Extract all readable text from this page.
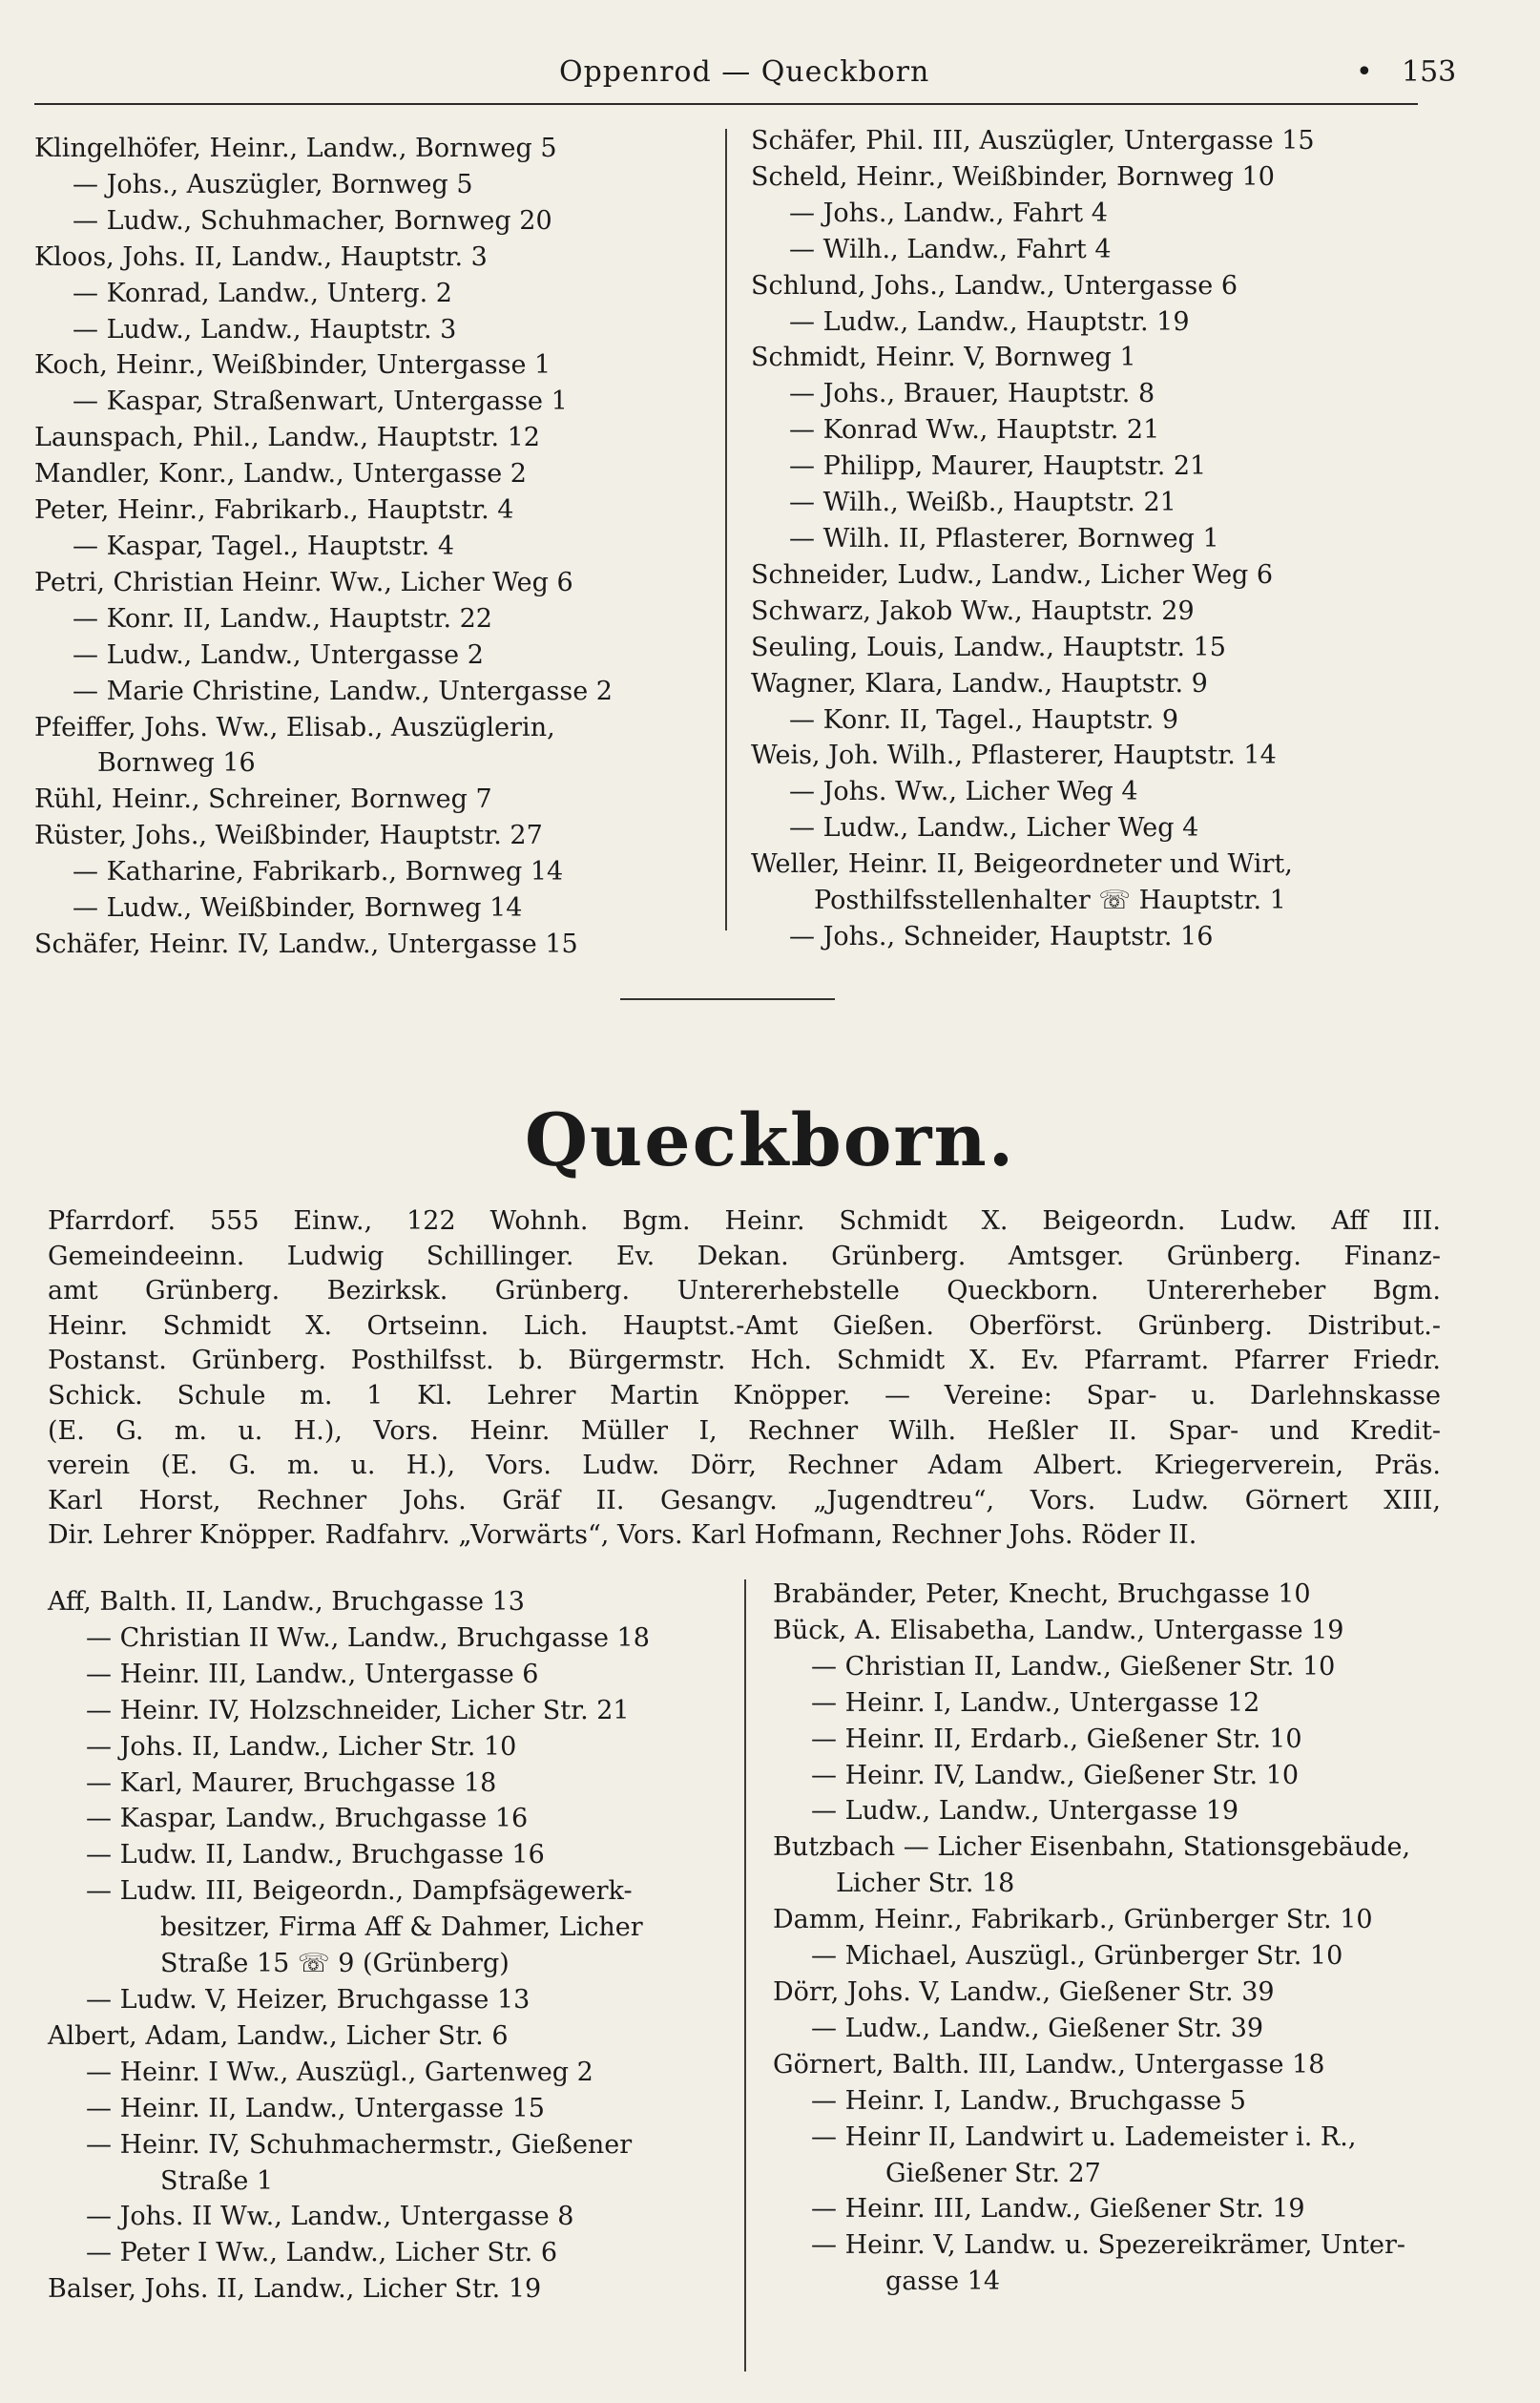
Oppenrod — Queckborn	• 153
Klingelhöfer, Heinr., Landw., Bornweg 5
— Johs., Auszügler, Bornweg 5
— Ludw., Schuhmacher, Bornweg 20
Kloos, Johs. II, Landw., Hauptstr. 3
— Konrad, Landw., Unterg. 2
— Ludw., Landw., Hauptstr. 3
Koch, Heinr., Weißbinder, Untergasse 1
— Kaspar, Straßenwart, Untergasse 1
Launspach, Phil., Landw., Hauptstr. 12
Mandler, Konr., Landw., Untergasse 2
Peter, Heinr., Fabrikarb., Hauptstr. 4
— Kaspar, Tagel., Hauptstr. 4
Petri, Christian Heinr. Ww., Licher Weg 6
— Konr. II, Landw., Hauptstr. 22
— Ludw., Landw., Untergasse 2
— Marie Christine, Landw., Untergasse 2
Pfeiffer, Johs. Ww., Elisab., Auszüglerin,
Bornweg 16
Rühl, Heinr., Schreiner, Bornweg 7
Rüster, Johs., Weißbinder, Hauptstr. 27
— Katharine, Fabrikarb., Bornweg 14
— Ludw., Weißbinder, Bornweg 14
Schäfer, Heinr. IV, Landw., Untergasse 15
Schäfer, Phil. III, Auszügler, Untergasse 15
Scheld, Heinr., Weißbinder, Bornweg 10
— Johs., Landw., Fahrt 4
— Wilh., Landw., Fahrt 4
Schlund, Johs., Landw., Untergasse 6
— Ludw., Landw., Hauptstr. 19
Schmidt, Heinr. V, Bornweg 1
— Johs., Brauer, Hauptstr. 8
— Konrad Ww., Hauptstr. 21
— Philipp, Maurer, Hauptstr. 21
— Wilh., Weißb., Hauptstr. 21
— Wilh. II, Pflasterer, Bornweg 1
Schneider, Ludw., Landw., Licher Weg 6
Schwarz, Jakob Ww., Hauptstr. 29
Seuling, Louis, Landw., Hauptstr. 15
Wagner, Klara, Landw., Hauptstr. 9
— Konr. II, Tagel., Hauptstr. 9
Weis, Joh. Wilh., Pflasterer, Hauptstr. 14
— Johs. Ww., Licher Weg 4
— Ludw., Landw., Licher Weg 4
Weller, Heinr. II, Beigeordneter und Wirt,
Posthilfsstellenhalter ☏ Hauptstr. 1
— Johs., Schneider, Hauptstr. 16
Queckborn.
Pfarrdorf. 555 Einw., 122 Wohnh. Bgm. Heinr. Schmidt X. Beigeordn. Ludw. Aff III.
Gemeindeeinn. Ludwig Schillinger. Ev. Dekan. Grünberg. Amtsger. Grünberg. Finanz-
amt Grünberg. Bezirksk. Grünberg. Untererhebstelle Queckborn. Untererheber Bgm.
Heinr. Schmidt X. Ortseinn. Lich. Hauptst.-Amt Gießen. Oberförst. Grünberg. Distribut.-
Postanst. Grünberg. Posthilfsst. b. Bürgermstr. Hch. Schmidt X. Ev. Pfarramt. Pfarrer Friedr.
Schick. Schule m. 1 Kl. Lehrer Martin Knöpper. — Vereine: Spar- u. Darlehnskasse
(E. G. m. u. H.), Vors. Heinr. Müller I, Rechner Wilh. Heßler II. Spar- und Kredit-
verein (E. G. m. u. H.), Vors. Ludw. Dörr, Rechner Adam Albert. Kriegerverein, Präs.
Karl Horst, Rechner Johs. Gräf II. Gesangv. „Jugendtreu“, Vors. Ludw. Görnert XIII,
Dir. Lehrer Knöpper. Radfahrv. „Vorwärts“, Vors. Karl Hofmann, Rechner Johs. Röder II.
Aff, Balth. II, Landw., Bruchgasse 13
— Christian II Ww., Landw., Bruchgasse 18
— Heinr. III, Landw., Untergasse 6
— Heinr. IV, Holzschneider, Licher Str. 21
— Johs. II, Landw., Licher Str. 10
— Karl, Maurer, Bruchgasse 18
— Kaspar, Landw., Bruchgasse 16
— Ludw. II, Landw., Bruchgasse 16
— Ludw. III, Beigeordn., Dampfsägewerk-
besitzer, Firma Aff & Dahmer, Licher
Straße 15 ☏ 9 (Grünberg)
— Ludw. V, Heizer, Bruchgasse 13
Albert, Adam, Landw., Licher Str. 6
— Heinr. I Ww., Auszügl., Gartenweg 2
— Heinr. II, Landw., Untergasse 15
— Heinr. IV, Schuhmachermstr., Gießener
Straße 1
— Johs. II Ww., Landw., Untergasse 8
— Peter I Ww., Landw., Licher Str. 6
Balser, Johs. II, Landw., Licher Str. 19
Brabänder, Peter, Knecht, Bruchgasse 10
Bück, A. Elisabetha, Landw., Untergasse 19
— Christian II, Landw., Gießener Str. 10
— Heinr. I, Landw., Untergasse 12
— Heinr. II, Erdarb., Gießener Str. 10
— Heinr. IV, Landw., Gießener Str. 10
— Ludw., Landw., Untergasse 19
Butzbach — Licher Eisenbahn, Stationsgebäude,
Licher Str. 18
Damm, Heinr., Fabrikarb., Grünberger Str. 10
— Michael, Auszügl., Grünberger Str. 10
Dörr, Johs. V, Landw., Gießener Str. 39
— Ludw., Landw., Gießener Str. 39
Görnert, Balth. III, Landw., Untergasse 18
— Heinr. I, Landw., Bruchgasse 5
— Heinr II, Landwirt u. Lademeister i. R.,
Gießener Str. 27
— Heinr. III, Landw., Gießener Str. 19
— Heinr. V, Landw. u. Spezereikrämer, Unter-
gasse 14
